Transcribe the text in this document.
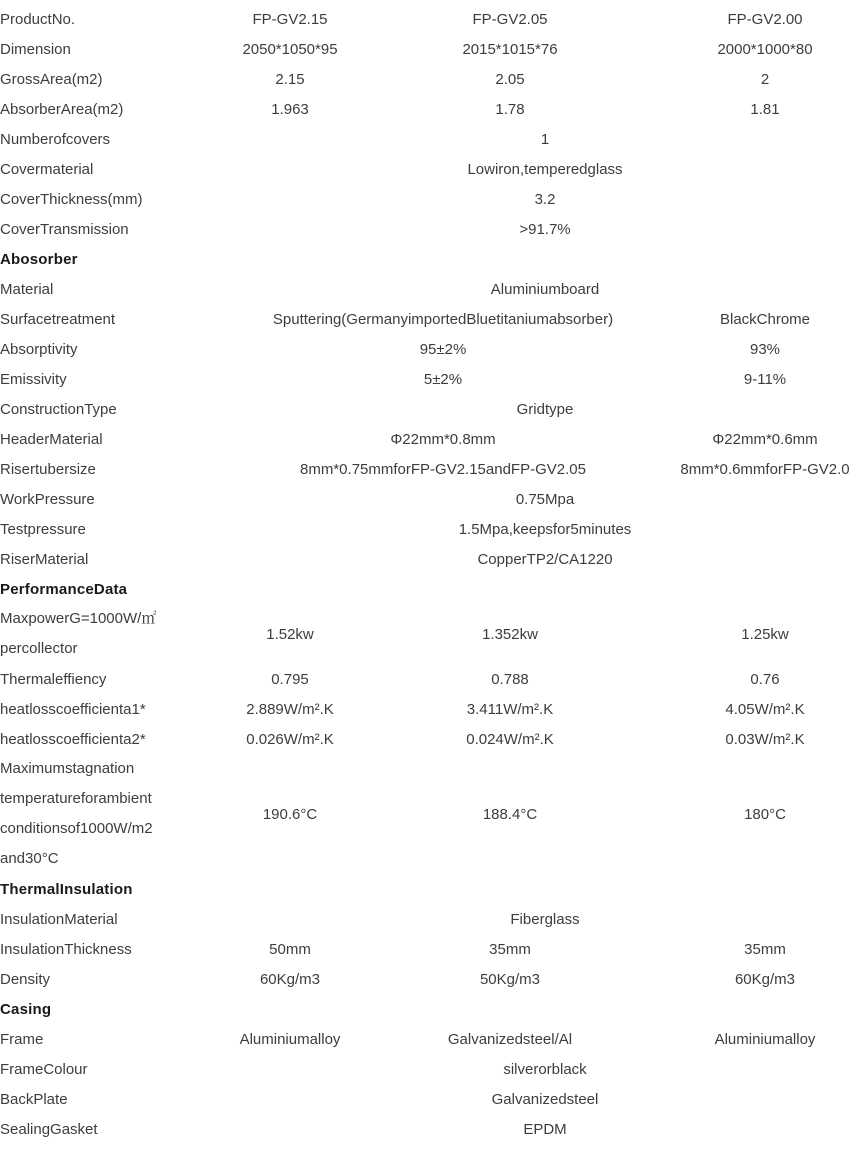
ProductNo.	FP-GV2.15	FP-GV2.05	FP-GV2.00
Dimension	2050*1050*95	2015*1015*76	2000*1000*80
GrossArea(m2)	2.15	2.05	2
AbsorberArea(m2)	1.963	1.78	1.81
Numberofcovers	1		
Covermaterial	Lowiron,temperedglass		
CoverThickness(mm)	3.2		
CoverTransmission	>91.7%		
Abosorber			
Material	Aluminiumboard		
Surfacetreatment	Sputtering(GermanyimportedBluetitaniumabsorber)		BlackChrome
Absorptivity	95±2%		93%
Emissivity	5±2%		9-11%
ConstructionType	Gridtype		
HeaderMaterial	Φ22mm*0.8mm		Φ22mm*0.6mm
Risertubersize	8mm*0.75mmforFP-GV2.15andFP-GV2.05		8mm*0.6mmforFP-GV2.0
WorkPressure	0.75Mpa		
Testpressure	1.5Mpa,keepsfor5minutes		
RiserMaterial	CopperTP2/CA1220		
PerformanceData			

MaxpowerG=1000W/㎡
percollector	1.52kw	1.352kw	1.25kw
Thermaleffiency	0.795	0.788	0.76
heatlosscoefficienta1*	2.889W/m².K	3.411W/m².K	4.05W/m².K
heatlosscoefficienta2*	0.026W/m².K	0.024W/m².K	0.03W/m².K

Maximumstagnation
temperatureforambient
conditionsof1000W/m2
and30°C	190.6°C	188.4°C	180°C
ThermalInsulation			
InsulationMaterial	Fiberglass		
InsulationThickness	50mm	35mm	35mm
Density	60Kg/m3	50Kg/m3	60Kg/m3
Casing			
Frame	Aluminiumalloy	Galvanizedsteel/Al	Aluminiumalloy
FrameColour	silverorblack		
BackPlate	Galvanizedsteel		
SealingGasket	EPDM		
